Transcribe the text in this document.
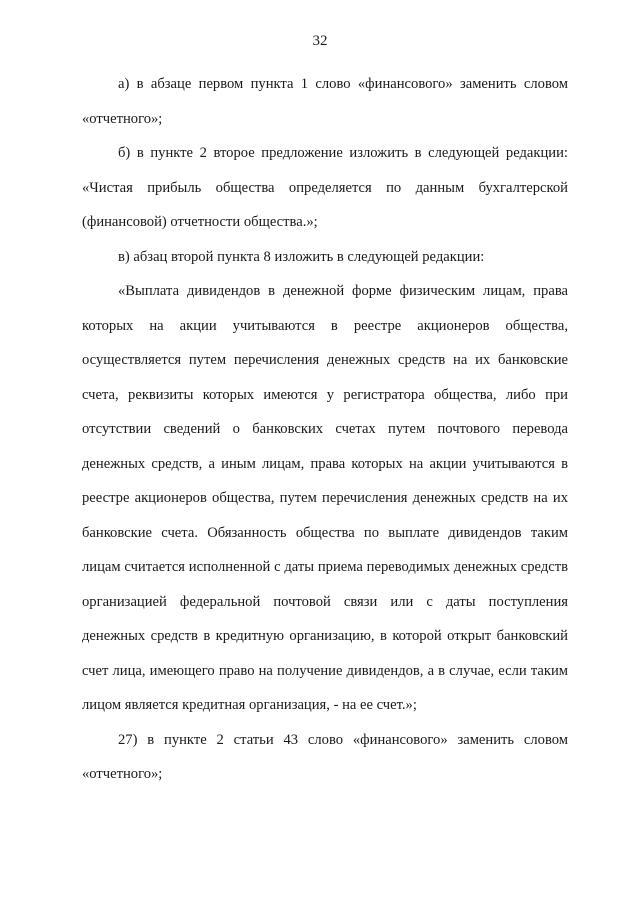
32

а) в абзаце первом пункта 1 слово «финансового» заменить словом «отчетного»;

б) в пункте 2 второе предложение изложить в следующей редакции: «Чистая прибыль общества определяется по данным бухгалтерской (финансовой) отчетности общества.»;

в) абзац второй пункта 8 изложить в следующей редакции:

«Выплата дивидендов в денежной форме физическим лицам, права которых на акции учитываются в реестре акционеров общества, осуществляется путем перечисления денежных средств на их банковские счета, реквизиты которых имеются у регистратора общества, либо при отсутствии сведений о банковских счетах путем почтового перевода денежных средств, а иным лицам, права которых на акции учитываются в реестре акционеров общества, путем перечисления денежных средств на их банковские счета. Обязанность общества по выплате дивидендов таким лицам считается исполненной с даты приема переводимых денежных средств организацией федеральной почтовой связи или с даты поступления денежных средств в кредитную организацию, в которой открыт банковский счет лица, имеющего право на получение дивидендов, а в случае, если таким лицом является кредитная организация, - на ее счет.»;

27) в пункте 2 статьи 43 слово «финансового» заменить словом «отчетного»;
